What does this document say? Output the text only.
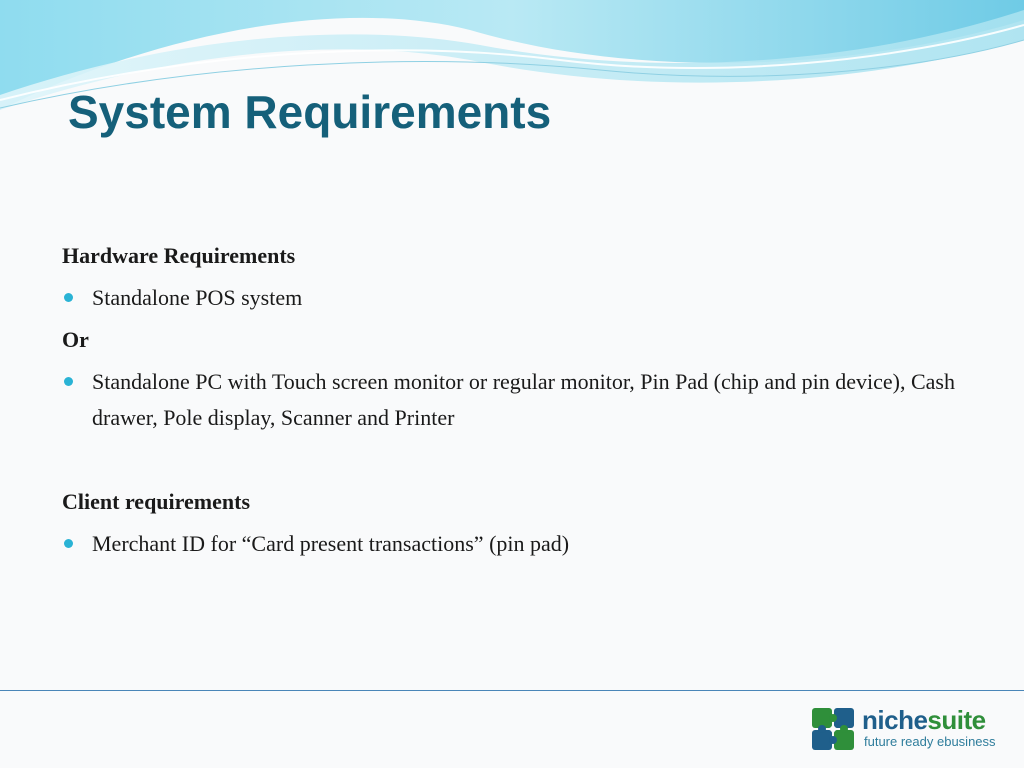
System Requirements

Hardware Requirements

Standalone POS system

Or

Standalone PC with Touch screen monitor or regular monitor, Pin Pad (chip and pin device), Cash drawer, Pole display, Scanner and Printer

Client requirements

Merchant ID for “Card present transactions” (pin pad)
nichesuite
future ready ebusiness
